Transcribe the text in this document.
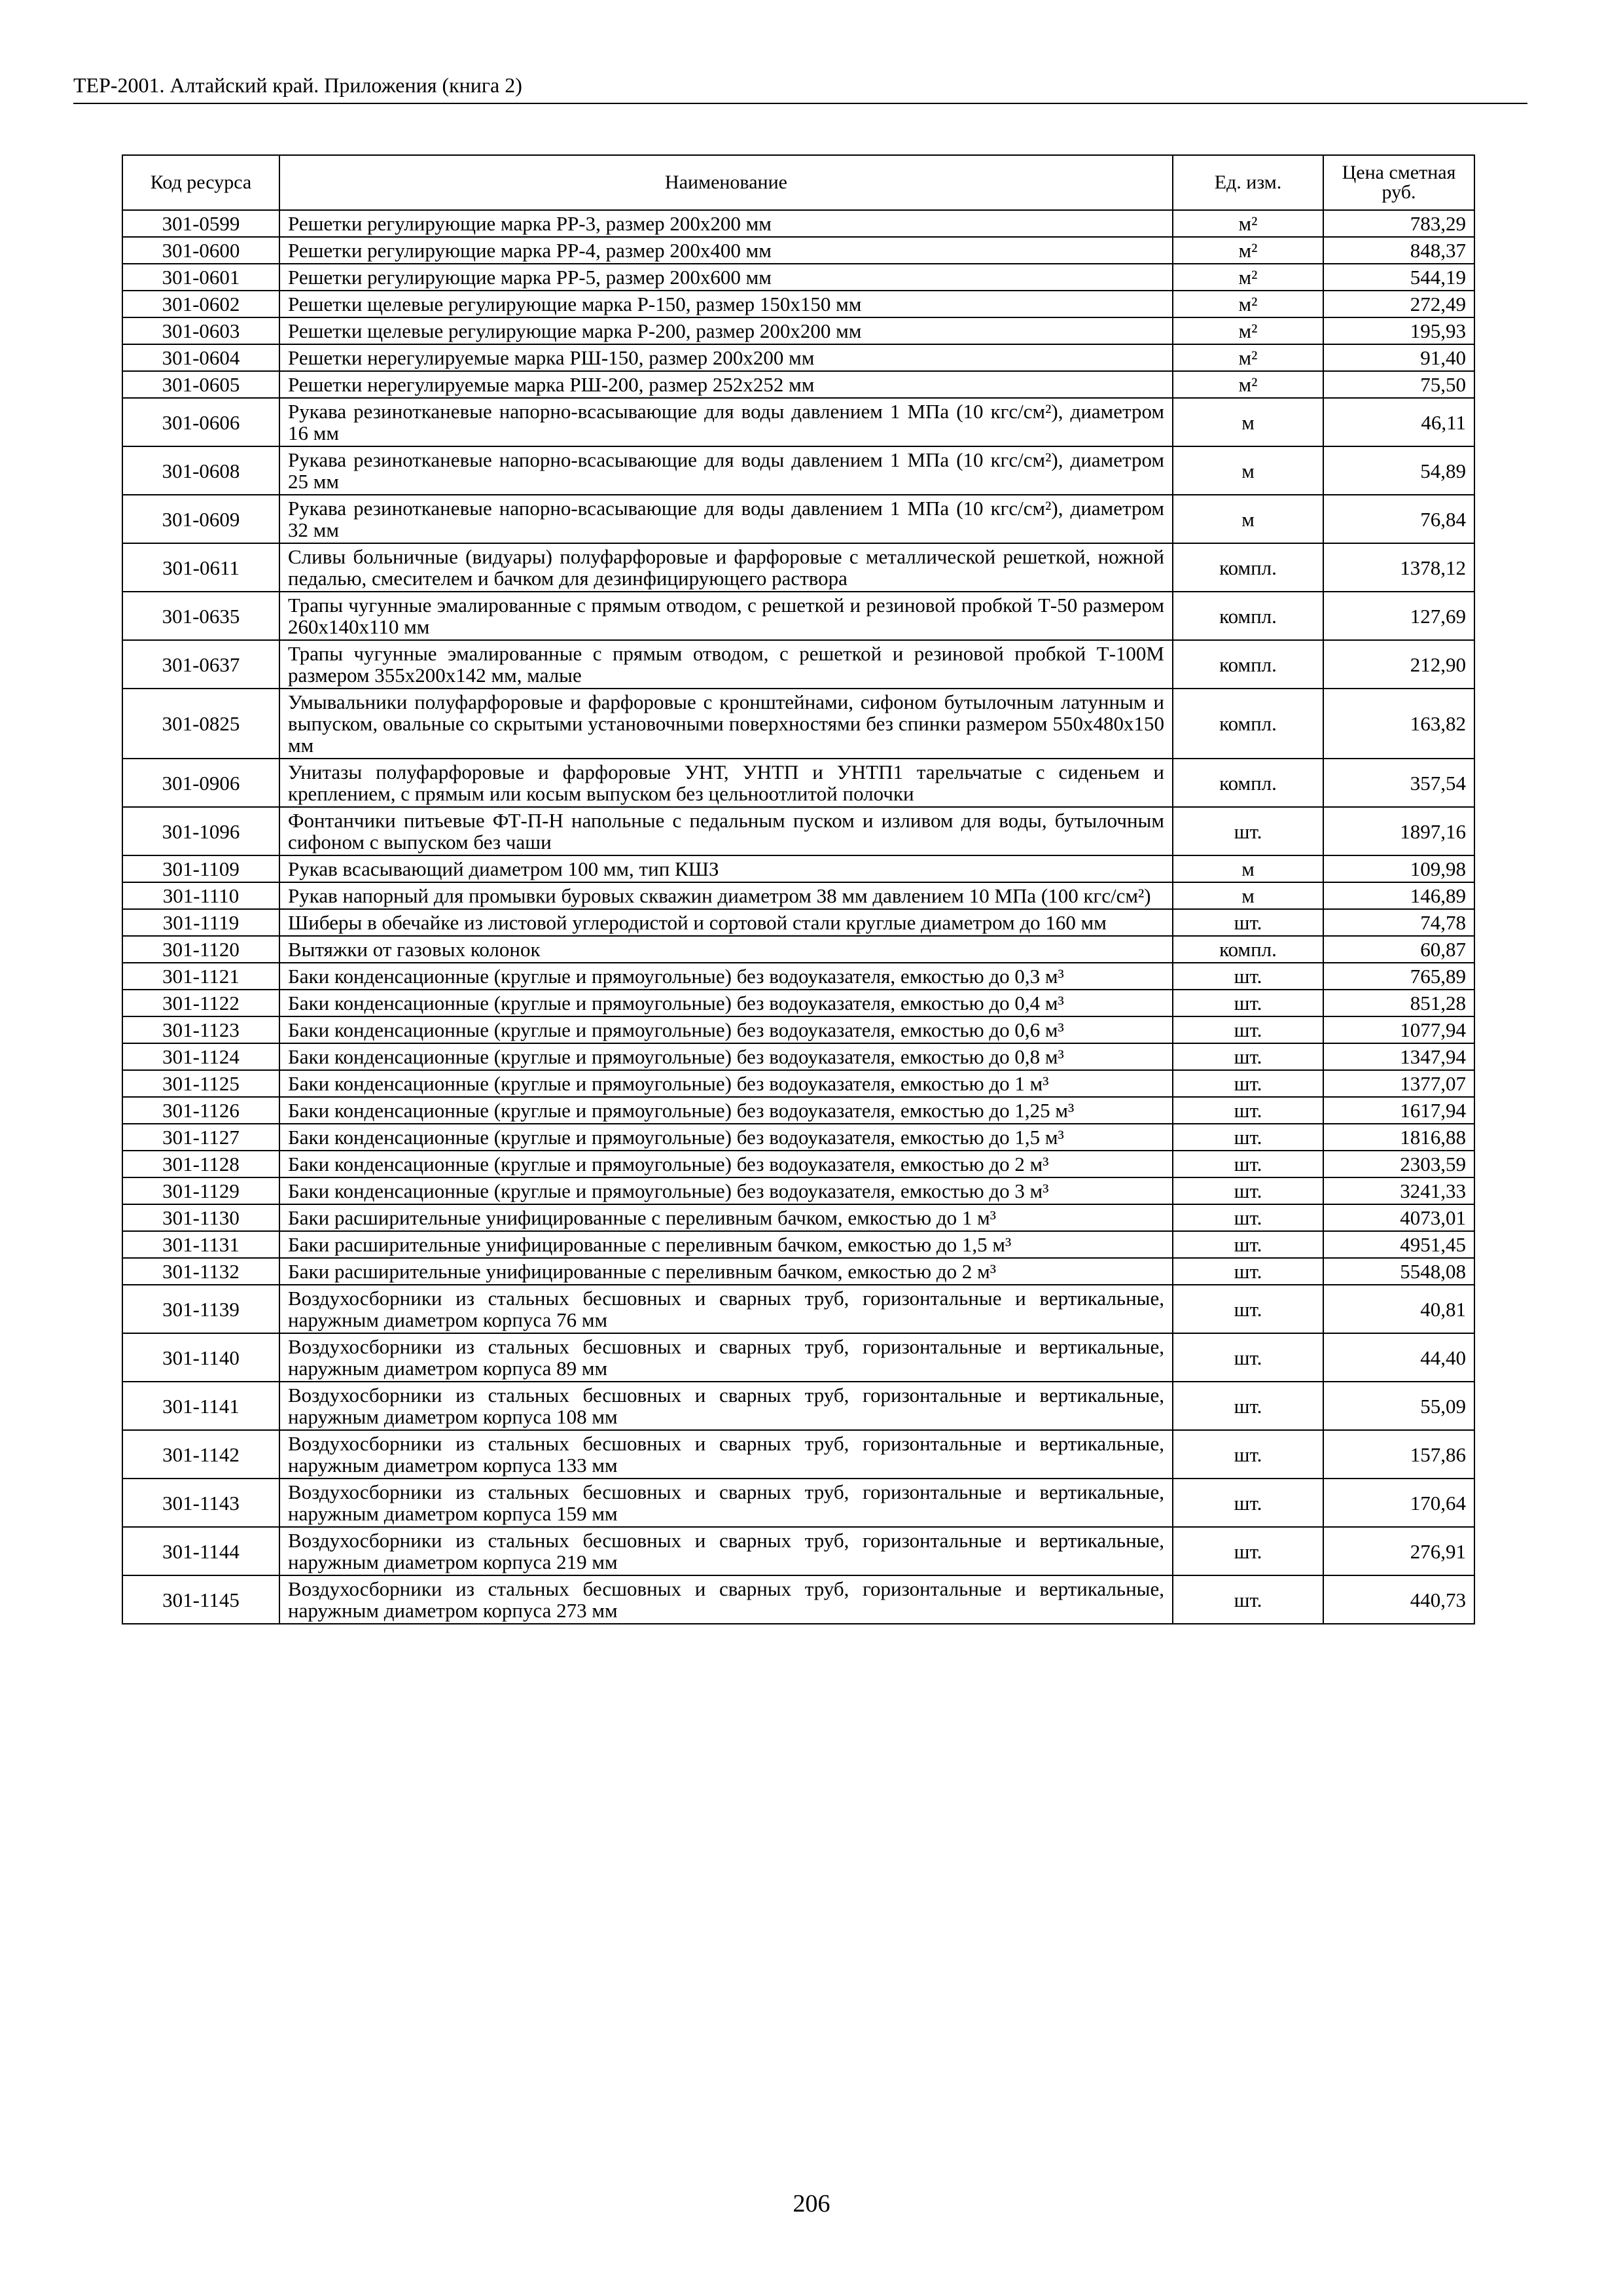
ТЕР-2001. Алтайский край. Приложения (книга 2)
Код ресурса	Наименование	Ед. изм.	Цена сметная руб.
301-0599	Решетки регулирующие марка РР-3, размер 200x200 мм	м²	783,29
301-0600	Решетки регулирующие марка РР-4, размер 200x400 мм	м²	848,37
301-0601	Решетки регулирующие марка РР-5, размер 200x600 мм	м²	544,19
301-0602	Решетки щелевые регулирующие марка Р-150, размер 150x150 мм	м²	272,49
301-0603	Решетки щелевые регулирующие марка Р-200, размер 200x200 мм	м²	195,93
301-0604	Решетки нерегулируемые марка РШ-150, размер 200x200 мм	м²	91,40
301-0605	Решетки нерегулируемые марка РШ-200, размер 252x252 мм	м²	75,50
301-0606	Рукава резинотканевые напорно-всасывающие для воды давлением 1 МПа (10 кгс/см²), диаметром 16 мм	м	46,11
301-0608	Рукава резинотканевые напорно-всасывающие для воды давлением 1 МПа (10 кгс/см²), диаметром 25 мм	м	54,89
301-0609	Рукава резинотканевые напорно-всасывающие для воды давлением 1 МПа (10 кгс/см²), диаметром 32 мм	м	76,84
301-0611	Сливы больничные (видуары) полуфарфоровые и фарфоровые с металлической решеткой, ножной педалью, смесителем и бачком для дезинфицирующего раствора	компл.	1378,12
301-0635	Трапы чугунные эмалированные с прямым отводом, с решеткой и резиновой пробкой Т-50 размером 260x140x110 мм	компл.	127,69
301-0637	Трапы чугунные эмалированные с прямым отводом, с решеткой и резиновой пробкой Т-100М размером 355x200x142 мм, малые	компл.	212,90
301-0825	Умывальники полуфарфоровые и фарфоровые с кронштейнами, сифоном бутылочным латунным и выпуском, овальные со скрытыми установочными поверхностями без спинки размером 550x480x150 мм	компл.	163,82
301-0906	Унитазы полуфарфоровые и фарфоровые УНТ, УНТП и УНТП1 тарельчатые с сиденьем и креплением, с прямым или косым выпуском без цельноотлитой полочки	компл.	357,54
301-1096	Фонтанчики питьевые ФТ-П-Н напольные с педальным пуском и изливом для воды, бутылочным сифоном с выпуском без чаши	шт.	1897,16
301-1109	Рукав всасывающий диаметром 100 мм, тип КШЗ	м	109,98
301-1110	Рукав напорный для промывки буровых скважин диаметром 38 мм давлением 10 МПа (100 кгс/см²)	м	146,89
301-1119	Шиберы в обечайке из листовой углеродистой и сортовой стали круглые диаметром до 160 мм	шт.	74,78
301-1120	Вытяжки от газовых колонок	компл.	60,87
301-1121	Баки конденсационные (круглые и прямоугольные) без водоуказателя, емкостью до 0,3 м³	шт.	765,89
301-1122	Баки конденсационные (круглые и прямоугольные) без водоуказателя, емкостью до 0,4 м³	шт.	851,28
301-1123	Баки конденсационные (круглые и прямоугольные) без водоуказателя, емкостью до 0,6 м³	шт.	1077,94
301-1124	Баки конденсационные (круглые и прямоугольные) без водоуказателя, емкостью до 0,8 м³	шт.	1347,94
301-1125	Баки конденсационные (круглые и прямоугольные) без водоуказателя, емкостью до 1 м³	шт.	1377,07
301-1126	Баки конденсационные (круглые и прямоугольные) без водоуказателя, емкостью до 1,25 м³	шт.	1617,94
301-1127	Баки конденсационные (круглые и прямоугольные) без водоуказателя, емкостью до 1,5 м³	шт.	1816,88
301-1128	Баки конденсационные (круглые и прямоугольные) без водоуказателя, емкостью до 2 м³	шт.	2303,59
301-1129	Баки конденсационные (круглые и прямоугольные) без водоуказателя, емкостью до 3 м³	шт.	3241,33
301-1130	Баки расширительные унифицированные с переливным бачком, емкостью до 1 м³	шт.	4073,01
301-1131	Баки расширительные унифицированные с переливным бачком, емкостью до 1,5 м³	шт.	4951,45
301-1132	Баки расширительные унифицированные с переливным бачком, емкостью до 2 м³	шт.	5548,08
301-1139	Воздухосборники из стальных бесшовных и сварных труб, горизонтальные и вертикальные, наружным диаметром корпуса 76 мм	шт.	40,81
301-1140	Воздухосборники из стальных бесшовных и сварных труб, горизонтальные и вертикальные, наружным диаметром корпуса 89 мм	шт.	44,40
301-1141	Воздухосборники из стальных бесшовных и сварных труб, горизонтальные и вертикальные, наружным диаметром корпуса 108 мм	шт.	55,09
301-1142	Воздухосборники из стальных бесшовных и сварных труб, горизонтальные и вертикальные, наружным диаметром корпуса 133 мм	шт.	157,86
301-1143	Воздухосборники из стальных бесшовных и сварных труб, горизонтальные и вертикальные, наружным диаметром корпуса 159 мм	шт.	170,64
301-1144	Воздухосборники из стальных бесшовных и сварных труб, горизонтальные и вертикальные, наружным диаметром корпуса 219 мм	шт.	276,91
301-1145	Воздухосборники из стальных бесшовных и сварных труб, горизонтальные и вертикальные, наружным диаметром корпуса 273 мм	шт.	440,73
206
